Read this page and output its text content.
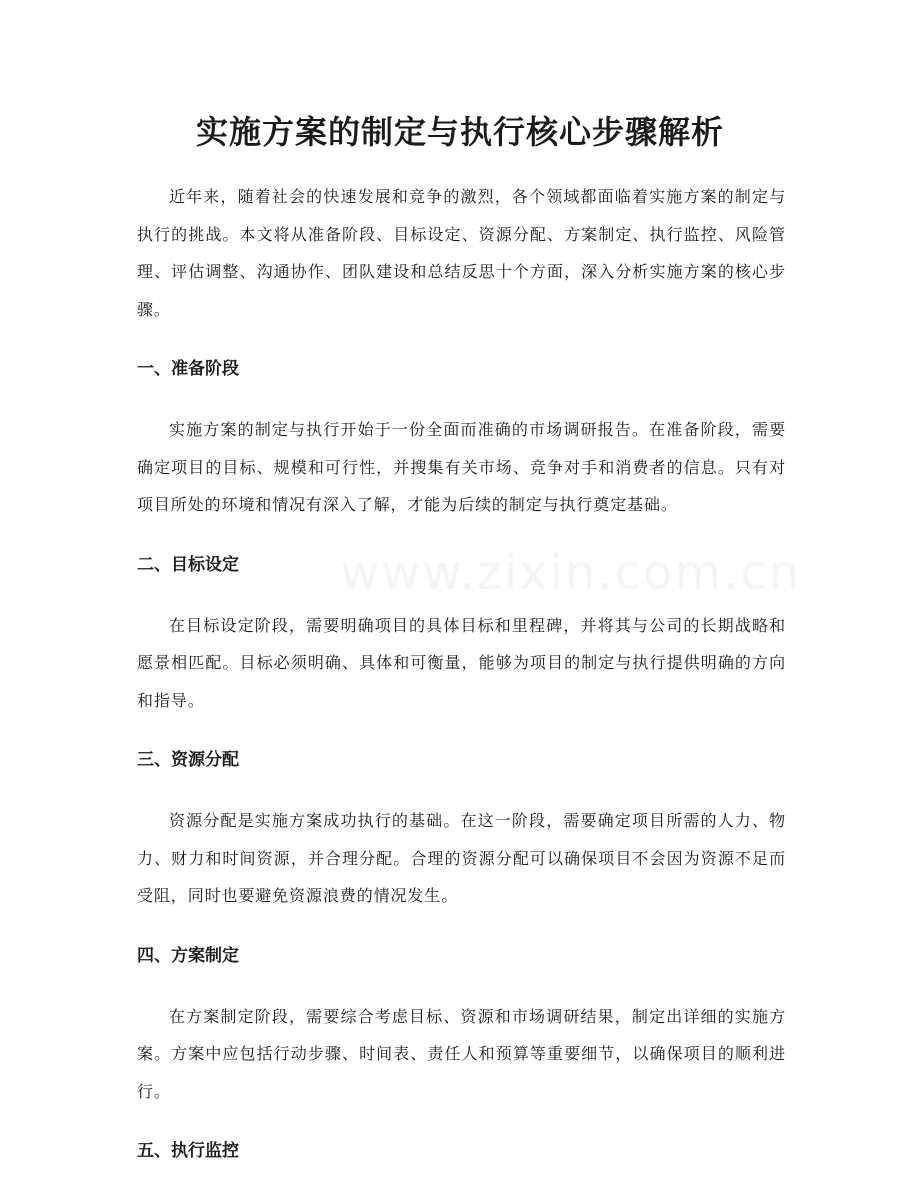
实施方案的制定与执行核心步骤解析

近年来，随着社会的快速发展和竞争的激烈，各个领域都面临着实施方案的制定与执行的挑战。本文将从准备阶段、目标设定、资源分配、方案制定、执行监控、风险管理、评估调整、沟通协作、团队建设和总结反思十个方面，深入分析实施方案的核心步骤。

一、准备阶段

实施方案的制定与执行开始于一份全面而准确的市场调研报告。在准备阶段，需要确定项目的目标、规模和可行性，并搜集有关市场、竞争对手和消费者的信息。只有对项目所处的环境和情况有深入了解，才能为后续的制定与执行奠定基础。

二、目标设定

在目标设定阶段，需要明确项目的具体目标和里程碑，并将其与公司的长期战略和愿景相匹配。目标必须明确、具体和可衡量，能够为项目的制定与执行提供明确的方向和指导。

三、资源分配

资源分配是实施方案成功执行的基础。在这一阶段，需要确定项目所需的人力、物力、财力和时间资源，并合理分配。合理的资源分配可以确保项目不会因为资源不足而受阻，同时也要避免资源浪费的情况发生。

四、方案制定

在方案制定阶段，需要综合考虑目标、资源和市场调研结果，制定出详细的实施方案。方案中应包括行动步骤、时间表、责任人和预算等重要细节，以确保项目的顺利进行。

五、执行监控
www.zixin.com.cn
